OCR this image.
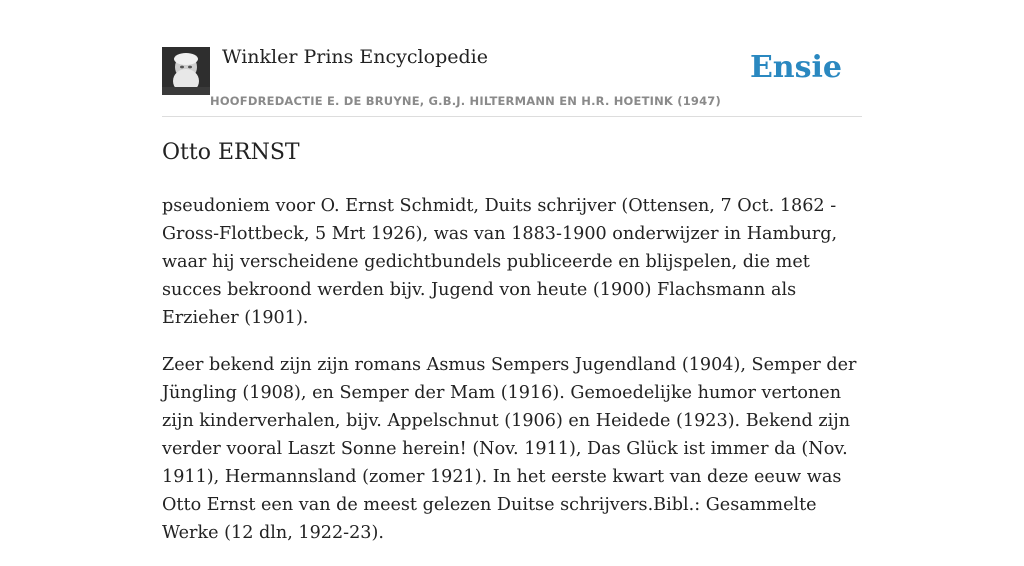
Winkler Prins Encyclopedie
HOOFDREDACTIE E. DE BRUYNE, G.B.J. HILTERMANN EN H.R. HOETINK (1947)
Ensie
Otto ERNST

pseudoniem voor O. Ernst Schmidt, Duits schrijver (Ottensen, 7 Oct. 1862 - Gross-Flottbeck, 5 Mrt 1926), was van 1883-1900 onderwijzer in Hamburg, waar hij verscheidene gedichtbundels publiceerde en blijspelen, die met succes bekroond werden bijv. Jugend von heute (1900) Flachsmann als Erzieher (1901).

Zeer bekend zijn zijn romans Asmus Sempers Jugendland (1904), Semper der Jüngling (1908), en Semper der Mam (1916). Gemoedelijke humor vertonen zijn kinderverhalen, bijv. Appelschnut (1906) en Heidede (1923). Bekend zijn verder vooral Laszt Sonne herein! (Nov. 1911), Das Glück ist immer da (Nov. 1911), Hermannsland (zomer 1921). In het eerste kwart van deze eeuw was Otto Ernst een van de meest gelezen Duitse schrijvers.Bibl.: Gesammelte Werke (12 dln, 1922-23).
